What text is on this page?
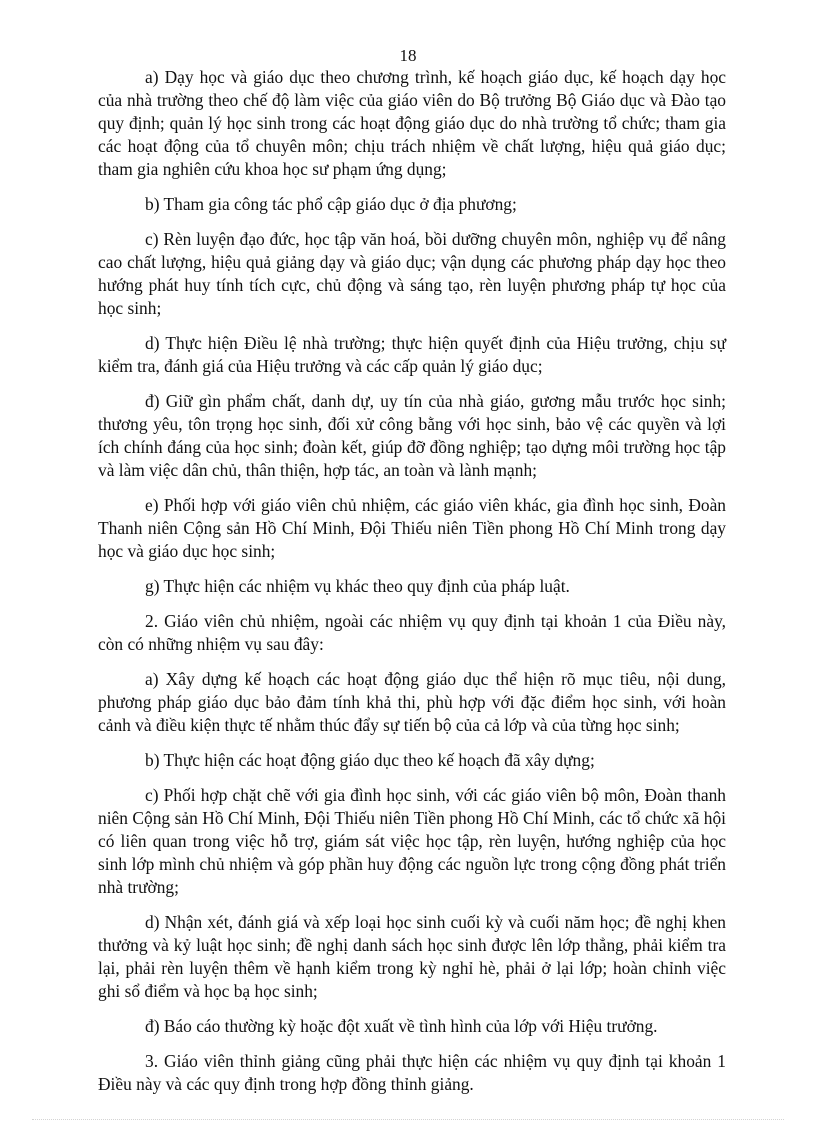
18

a) Dạy học và giáo dục theo chương trình, kế hoạch giáo dục, kế hoạch dạy học của nhà trường theo chế độ làm việc của giáo viên do Bộ trưởng Bộ Giáo dục và Đào tạo quy định; quản lý học sinh trong các hoạt động giáo dục do nhà trường tổ chức; tham gia các hoạt động của tổ chuyên môn; chịu trách nhiệm về chất lượng, hiệu quả giáo dục; tham gia nghiên cứu khoa học sư phạm ứng dụng;

b) Tham gia công tác phổ cập giáo dục ở địa phương;

c) Rèn luyện đạo đức, học tập văn hoá, bồi dưỡng chuyên môn, nghiệp vụ để nâng cao chất lượng, hiệu quả giảng dạy và giáo dục; vận dụng các phương pháp dạy học theo hướng phát huy tính tích cực, chủ động và sáng tạo, rèn luyện phương pháp tự học của học sinh;

d) Thực hiện Điều lệ nhà trường; thực hiện quyết định của Hiệu trưởng, chịu sự kiểm tra, đánh giá của Hiệu trưởng và các cấp quản lý giáo dục;

đ) Giữ gìn phẩm chất, danh dự, uy tín của nhà giáo, gương mẫu trước học sinh; thương yêu, tôn trọng học sinh, đối xử công bằng với học sinh, bảo vệ các quyền và lợi ích chính đáng của học sinh; đoàn kết, giúp đỡ đồng nghiệp; tạo dựng môi trường học tập và làm việc dân chủ, thân thiện, hợp tác, an toàn và lành mạnh;

e) Phối hợp với giáo viên chủ nhiệm, các giáo viên khác, gia đình học sinh, Đoàn Thanh niên Cộng sản Hồ Chí Minh, Đội Thiếu niên Tiền phong Hồ Chí Minh trong dạy học và giáo dục học sinh;

g) Thực hiện các nhiệm vụ khác theo quy định của pháp luật.

2. Giáo viên chủ nhiệm, ngoài các nhiệm vụ quy định tại khoản 1 của Điều này, còn có những nhiệm vụ sau đây:

a) Xây dựng kế hoạch các hoạt động giáo dục thể hiện rõ mục tiêu, nội dung, phương pháp giáo dục bảo đảm tính khả thi, phù hợp với đặc điểm học sinh, với hoàn cảnh và điều kiện thực tế nhằm thúc đẩy sự tiến bộ của cả lớp và của từng học sinh;

b) Thực hiện các hoạt động giáo dục theo kế hoạch đã xây dựng;

c) Phối hợp chặt chẽ với gia đình học sinh, với các giáo viên bộ môn, Đoàn thanh niên Cộng sản Hồ Chí Minh, Đội Thiếu niên Tiền phong Hồ Chí Minh, các tổ chức xã hội có liên quan trong việc hỗ trợ, giám sát việc học tập, rèn luyện, hướng nghiệp của học sinh lớp mình chủ nhiệm và góp phần huy động các nguồn lực trong cộng đồng phát triển nhà trường;

d) Nhận xét, đánh giá và xếp loại học sinh cuối kỳ và cuối năm học; đề nghị khen thưởng và kỷ luật học sinh; đề nghị danh sách học sinh được lên lớp thẳng, phải kiểm tra lại, phải rèn luyện thêm về hạnh kiểm trong kỳ nghỉ hè, phải ở lại lớp; hoàn chỉnh việc ghi sổ điểm và học bạ học sinh;

đ) Báo cáo thường kỳ hoặc đột xuất về tình hình của lớp với Hiệu trưởng.

3. Giáo viên thỉnh giảng cũng phải thực hiện các nhiệm vụ quy định tại khoản 1 Điều này và các quy định trong hợp đồng thỉnh giảng.
